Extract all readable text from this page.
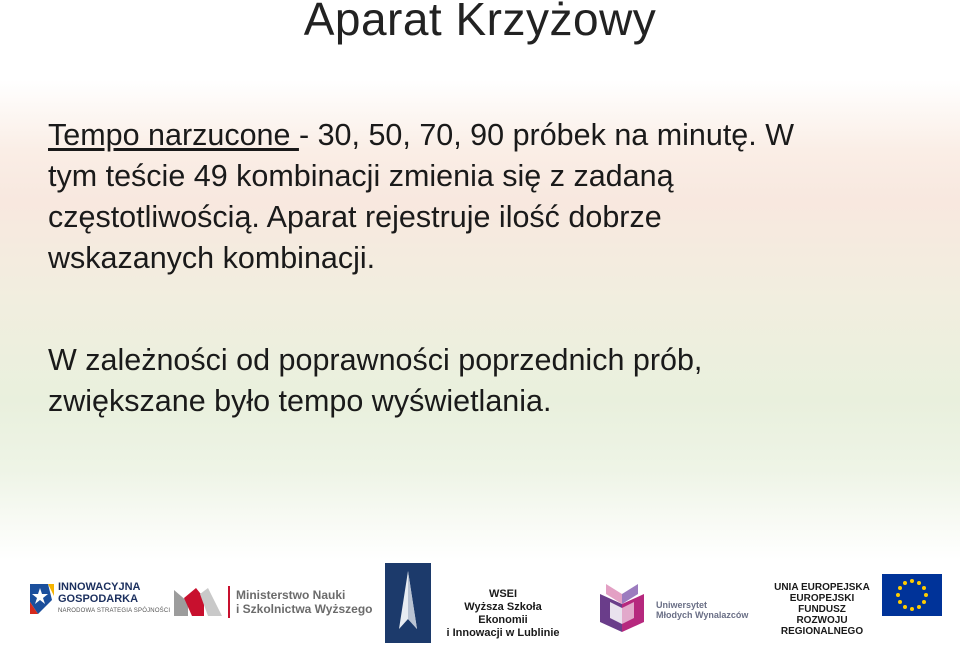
Aparat Krzyżowy

Tempo narzucone - 30, 50, 70, 90 próbek na minutę. W
tym teście 49 kombinacji zmienia się z zadaną
częstotliwością. Aparat rejestruje ilość dobrze
wskazanych kombinacji.

W zależności od poprawności poprzednich prób,
zwiększane było tempo wyświetlania.

INNOWACYJNA
GOSPODARKA
NARODOWA STRATEGIA SPÓJNOŚCI
Ministerstwo Nauki
i Szkolnictwa Wyższego
WSEI
Wyższa Szkoła Ekonomii
i Innowacji w Lublinie
Uniwersytet
Młodych Wynalazców
UNIA EUROPEJSKA
EUROPEJSKI FUNDUSZ
ROZWOJU REGIONALNEGO
